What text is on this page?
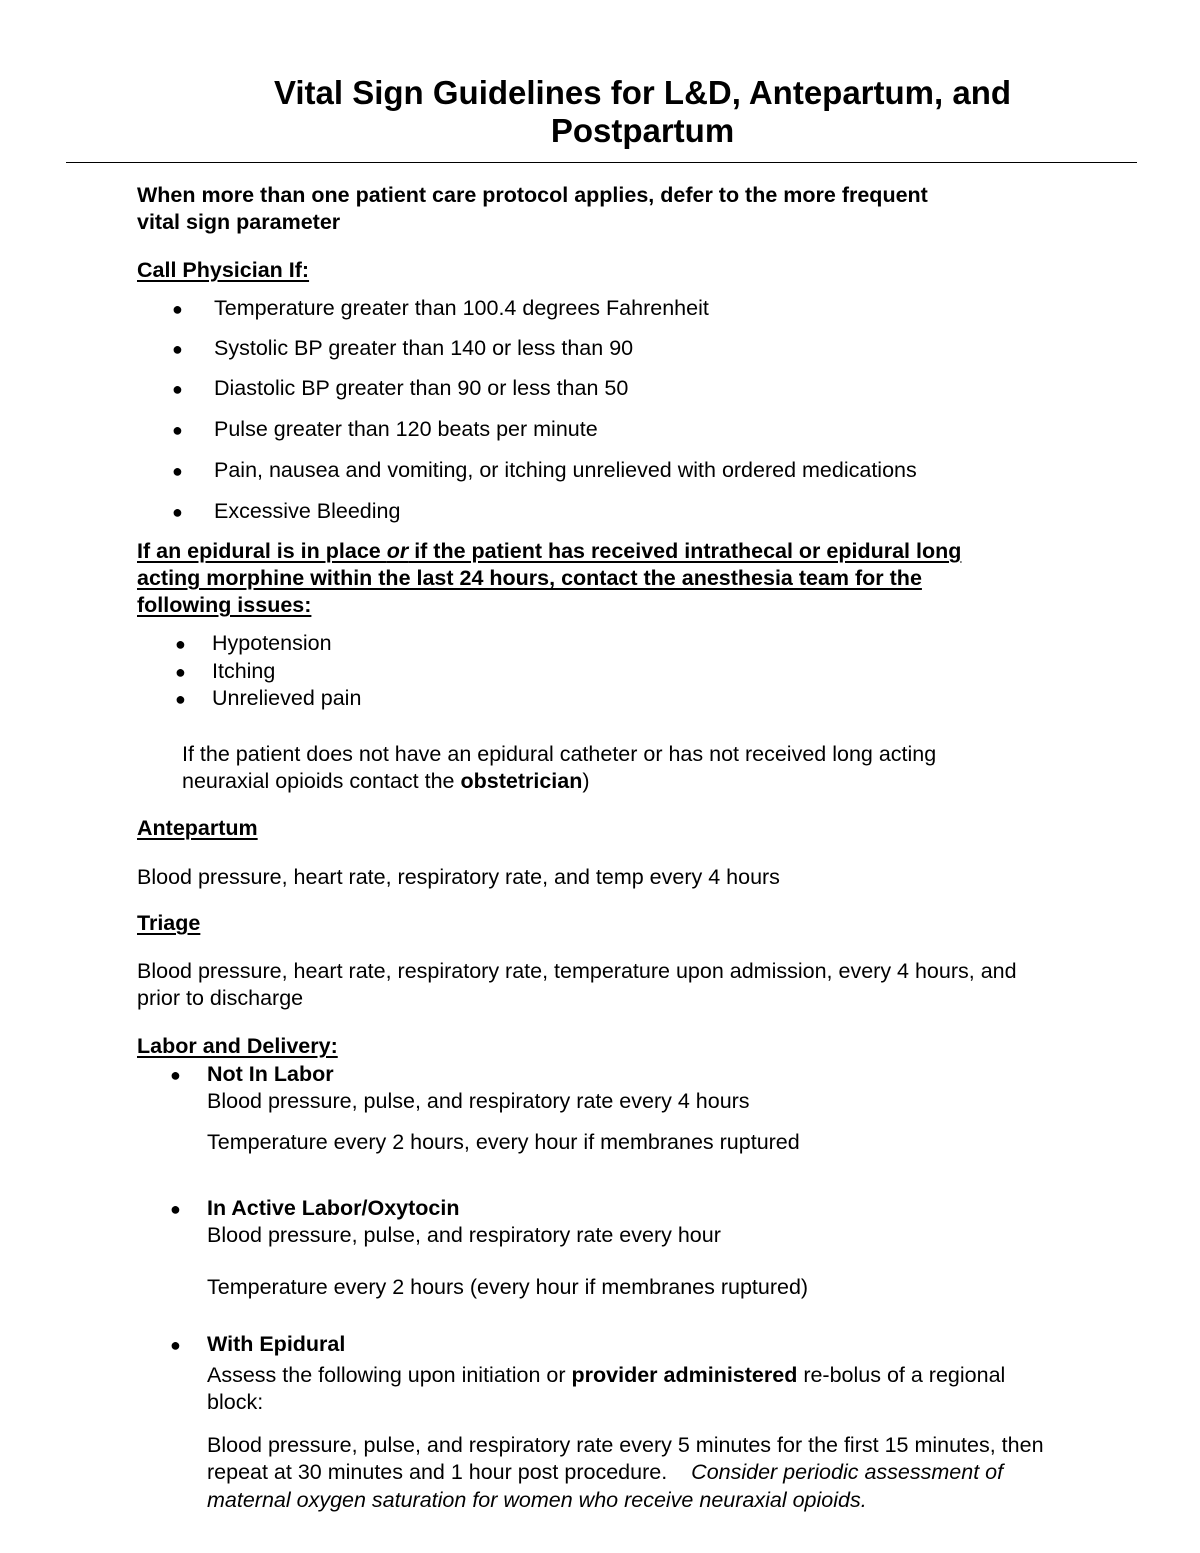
Vital Sign Guidelines for L&D, Antepartum, and
Postpartum
When more than one patient care protocol applies, defer to the more frequent
vital sign parameter
Call Physician If:
● Temperature greater than 100.4 degrees Fahrenheit
● Systolic BP greater than 140 or less than 90
● Diastolic BP greater than 90 or less than 50
● Pulse greater than 120 beats per minute
● Pain, nausea and vomiting, or itching unrelieved with ordered medications
● Excessive Bleeding
If an epidural is in place or if the patient has received intrathecal or epidural long
acting morphine within the last 24 hours, contact the anesthesia team for the
following issues:
● Hypotension
● Itching
● Unrelieved pain
If the patient does not have an epidural catheter or has not received long acting
neuraxial opioids contact the obstetrician)
Antepartum
Blood pressure, heart rate, respiratory rate, and temp every 4 hours
Triage
Blood pressure, heart rate, respiratory rate, temperature upon admission, every 4 hours, and
prior to discharge
Labor and Delivery:
● Not In Labor
Blood pressure, pulse, and respiratory rate every 4 hours
Temperature every 2 hours, every hour if membranes ruptured
● In Active Labor/Oxytocin
Blood pressure, pulse, and respiratory rate every hour
Temperature every 2 hours (every hour if membranes ruptured)
● With Epidural
Assess the following upon initiation or provider administered re-bolus of a regional
block:
Blood pressure, pulse, and respiratory rate every 5 minutes for the first 15 minutes, then
repeat at 30 minutes and 1 hour post procedure. Consider periodic assessment of
maternal oxygen saturation for women who receive neuraxial opioids.
